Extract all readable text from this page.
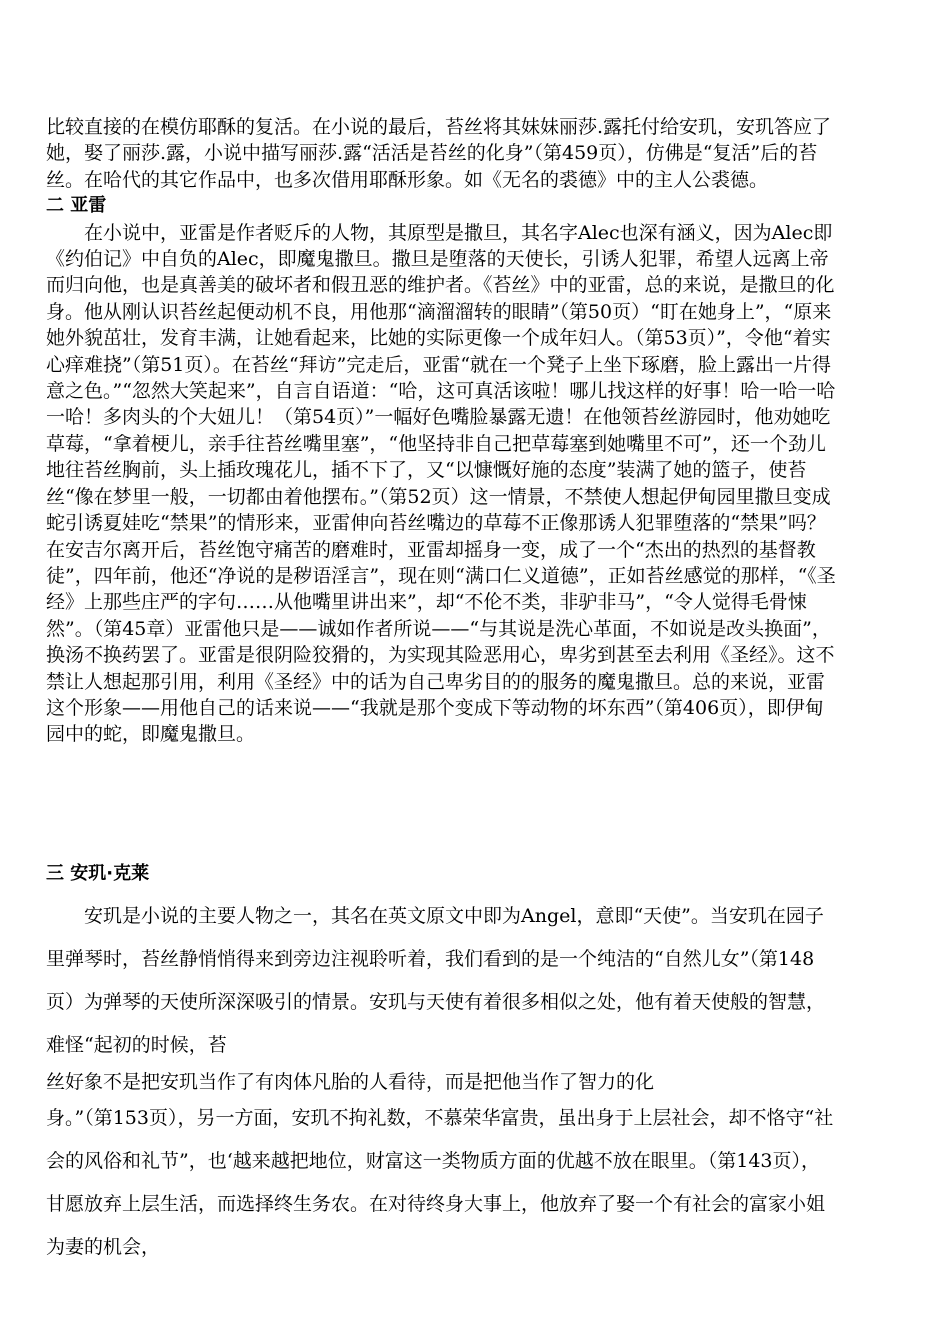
比较直接的在模仿耶酥的复活。在小说的最后，苔丝将其妹妹丽莎.露托付给安玑，安玑答应了她，娶了丽莎.露，小说中描写丽莎.露“活活是苔丝的化身”（第459页），仿佛是“复活”后的苔丝。在哈代的其它作品中，也多次借用耶酥形象。如《无名的裘德》中的主人公裘德。

二 亚雷

在小说中，亚雷是作者贬斥的人物，其原型是撒旦，其名字Alec也深有涵义，因为Alec即《约伯记》中自负的Alec，即魔鬼撒旦。撒旦是堕落的天使长，引诱人犯罪，希望人远离上帝而归向他，也是真善美的破坏者和假丑恶的维护者。《苔丝》中的亚雷，总的来说，是撒旦的化身。他从刚认识苔丝起便动机不良，用他那“滴溜溜转的眼睛”（第50页）“盯在她身上”，“原来她外貌茁壮，发育丰满，让她看起来，比她的实际更像一个成年妇人。（第53页）”，令他“着实心痒难挠”（第51页）。在苔丝“拜访”完走后，亚雷“就在一个凳子上坐下琢磨，脸上露出一片得意之色。”“忽然大笑起来”，自言自语道：“哈，这可真活该啦！哪儿找这样的好事！哈一哈一哈一哈！多肉头的个大妞儿！（第54页）”一幅好色嘴脸暴露无遗！在他领苔丝游园时，他劝她吃草莓，“拿着梗儿，亲手往苔丝嘴里塞”，“他坚持非自己把草莓塞到她嘴里不可”，还一个劲儿地往苔丝胸前，头上插玫瑰花儿，插不下了，又“以慷慨好施的态度”装满了她的篮子，使苔丝“像在梦里一般，一切都由着他摆布。”（第52页）这一情景，不禁使人想起伊甸园里撒旦变成蛇引诱夏娃吃“禁果”的情形来，亚雷伸向苔丝嘴边的草莓不正像那诱人犯罪堕落的“禁果”吗？在安吉尔离开后，苔丝饱守痛苦的磨难时，亚雷却摇身一变，成了一个“杰出的热烈的基督教徒”，四年前，他还“净说的是秽语淫言”，现在则“满口仁义道德”，正如苔丝感觉的那样，“《圣经》上那些庄严的字句……从他嘴里讲出来”，却“不伦不类，非驴非马”，“令人觉得毛骨悚然”。（第45章）亚雷他只是——诚如作者所说——“与其说是洗心革面，不如说是改头换面”，换汤不换药罢了。亚雷是很阴险狡猾的，为实现其险恶用心，卑劣到甚至去利用《圣经》。这不禁让人想起那引用，利用《圣经》中的话为自己卑劣目的的服务的魔鬼撒旦。总的来说，亚雷这个形象——用他自己的话来说——“我就是那个变成下等动物的坏东西”（第406页），即伊甸园中的蛇，即魔鬼撒旦。

三 安玑·克莱

安玑是小说的主要人物之一，其名在英文原文中即为Angel，意即“天使”。当安玑在园子里弹琴时，苔丝静悄悄得来到旁边注视聆听着，我们看到的是一个纯洁的“自然儿女”（第148页）为弹琴的天使所深深吸引的情景。安玑与天使有着很多相似之处，他有着天使般的智慧，难怪“起初的时候，苔

丝好象不是把安玑当作了有肉体凡胎的人看待，而是把他当作了智力的化

身。”（第153页），另一方面，安玑不拘礼数，不慕荣华富贵，虽出身于上层社会，却不恪守“社会的风俗和礼节”，也‘越来越把地位，财富这一类物质方面的优越不放在眼里。（第143页），甘愿放弃上层生活，而选择终生务农。在对待终身大事上，他放弃了娶一个有社会的富家小姐为妻的机会，
